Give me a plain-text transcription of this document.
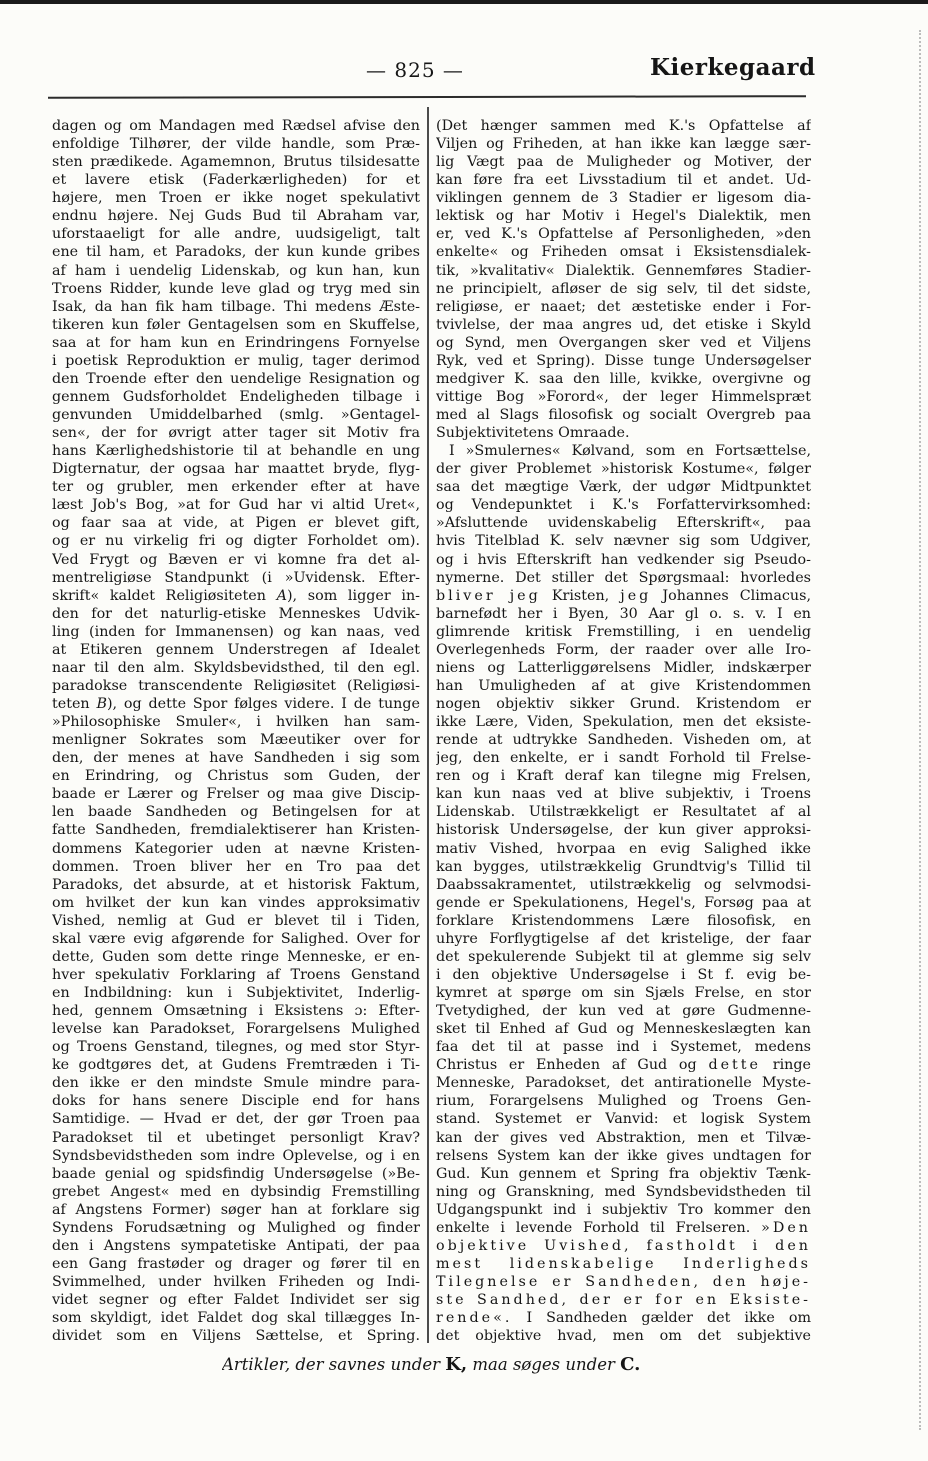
— 825 —	Kierkegaard
dagen og om Mandagen med Rædsel afvise den
enfoldige Tilhører, der vilde handle, som Præ-
sten prædikede. Agamemnon, Brutus tilsidesatte
et lavere etisk (Faderkærligheden) for et
højere, men Troen er ikke noget spekulativt
endnu højere. Nej Guds Bud til Abraham var,
uforstaaeligt for alle andre, uudsigeligt, talt
ene til ham, et Paradoks, der kun kunde gribes
af ham i uendelig Lidenskab, og kun han, kun
Troens Ridder, kunde leve glad og tryg med sin
Isak, da han fik ham tilbage. Thi medens Æste-
tikeren kun føler Gentagelsen som en Skuffelse,
saa at for ham kun en Erindringens Fornyelse
i poetisk Reproduktion er mulig, tager derimod
den Troende efter den uendelige Resignation og
gennem Gudsforholdet Endeligheden tilbage i
genvunden Umiddelbarhed (smlg. »Gentagel-
sen«, der for øvrigt atter tager sit Motiv fra
hans Kærlighedshistorie til at behandle en ung
Digternatur, der ogsaa har maattet bryde, flyg-
ter og grubler, men erkender efter at have
læst Job's Bog, »at for Gud har vi altid Uret«,
og faar saa at vide, at Pigen er blevet gift,
og er nu virkelig fri og digter Forholdet om).
Ved Frygt og Bæven er vi komne fra det al-
mentreligiøse Standpunkt (i »Uvidensk. Efter-
skrift« kaldet Religiøsiteten A), som ligger in-
den for det naturlig-etiske Menneskes Udvik-
ling (inden for Immanensen) og kan naas, ved
at Etikeren gennem Understregen af Idealet
naar til den alm. Skyldsbevidsthed, til den egl.
paradokse transcendente Religiøsitet (Religiøsi-
teten B), og dette Spor følges videre. I de tunge
»Philosophiske Smuler«, i hvilken han sam-
menligner Sokrates som Mæeutiker over for
den, der menes at have Sandheden i sig som
en Erindring, og Christus som Guden, der
baade er Lærer og Frelser og maa give Discip-
len baade Sandheden og Betingelsen for at
fatte Sandheden, fremdialektiserer han Kristen-
dommens Kategorier uden at nævne Kristen-
dommen. Troen bliver her en Tro paa det
Paradoks, det absurde, at et historisk Faktum,
om hvilket der kun kan vindes approksimativ
Vished, nemlig at Gud er blevet til i Tiden,
skal være evig afgørende for Salighed. Over for
dette, Guden som dette ringe Menneske, er en-
hver spekulativ Forklaring af Troens Genstand
en Indbildning: kun i Subjektivitet, Inderlig-
hed, gennem Omsætning i Eksistens ɔ: Efter-
levelse kan Paradokset, Forargelsens Mulighed
og Troens Genstand, tilegnes, og med stor Styr-
ke godtgøres det, at Gudens Fremtræden i Ti-
den ikke er den mindste Smule mindre para-
doks for hans senere Disciple end for hans
Samtidige. — Hvad er det, der gør Troen paa
Paradokset til et ubetinget personligt Krav?
Syndsbevidstheden som indre Oplevelse, og i en
baade genial og spidsfindig Undersøgelse (»Be-
grebet Angest« med en dybsindig Fremstilling
af Angstens Former) søger han at forklare sig
Syndens Forudsætning og Mulighed og finder
den i Angstens sympatetiske Antipati, der paa
een Gang frastøder og drager og fører til en
Svimmelhed, under hvilken Friheden og Indi-
videt segner og efter Faldet Individet ser sig
som skyldigt, idet Faldet dog skal tillægges In-
dividet som en Viljens Sættelse, et Spring.
(Det hænger sammen med K.'s Opfattelse af
Viljen og Friheden, at han ikke kan lægge sær-
lig Vægt paa de Muligheder og Motiver, der
kan føre fra eet Livsstadium til et andet. Ud-
viklingen gennem de 3 Stadier er ligesom dia-
lektisk og har Motiv i Hegel's Dialektik, men
er, ved K.'s Opfattelse af Personligheden, »den
enkelte« og Friheden omsat i Eksistensdialek-
tik, »kvalitativ« Dialektik. Gennemføres Stadier-
ne principielt, afløser de sig selv, til det sidste,
religiøse, er naaet; det æstetiske ender i For-
tvivlelse, der maa angres ud, det etiske i Skyld
og Synd, men Overgangen sker ved et Viljens
Ryk, ved et Spring). Disse tunge Undersøgelser
medgiver K. saa den lille, kvikke, overgivne og
vittige Bog »Forord«, der leger Himmelspræt
med al Slags filosofisk og socialt Overgreb paa
Subjektivitetens Omraade.
I »Smulernes« Kølvand, som en Fortsættelse,
der giver Problemet »historisk Kostume«, følger
saa det mægtige Værk, der udgør Midtpunktet
og Vendepunktet i K.'s Forfattervirksomhed:
»Afsluttende uvidenskabelig Efterskrift«, paa
hvis Titelblad K. selv nævner sig som Udgiver,
og i hvis Efterskrift han vedkender sig Pseudo-
nymerne. Det stiller det Spørgsmaal: hvorledes
bliver jeg Kristen, jeg Johannes Climacus,
barnefødt her i Byen, 30 Aar gl o. s. v. I en
glimrende kritisk Fremstilling, i en uendelig
Overlegenheds Form, der raader over alle Iro-
niens og Latterliggørelsens Midler, indskærper
han Umuligheden af at give Kristendommen
nogen objektiv sikker Grund. Kristendom er
ikke Lære, Viden, Spekulation, men det eksiste-
rende at udtrykke Sandheden. Visheden om, at
jeg, den enkelte, er i sandt Forhold til Frelse-
ren og i Kraft deraf kan tilegne mig Frelsen,
kan kun naas ved at blive subjektiv, i Troens
Lidenskab. Utilstrækkeligt er Resultatet af al
historisk Undersøgelse, der kun giver approksi-
mativ Vished, hvorpaa en evig Salighed ikke
kan bygges, utilstrækkelig Grundtvig's Tillid til
Daabssakramentet, utilstrækkelig og selvmodsi-
gende er Spekulationens, Hegel's, Forsøg paa at
forklare Kristendommens Lære filosofisk, en
uhyre Forflygtigelse af det kristelige, der faar
det spekulerende Subjekt til at glemme sig selv
i den objektive Undersøgelse i St f. evig be-
kymret at spørge om sin Sjæls Frelse, en stor
Tvetydighed, der kun ved at gøre Gudmenne-
sket til Enhed af Gud og Menneskeslægten kan
faa det til at passe ind i Systemet, medens
Christus er Enheden af Gud og dette ringe
Menneske, Paradokset, det antirationelle Myste-
rium, Forargelsens Mulighed og Troens Gen-
stand. Systemet er Vanvid: et logisk System
kan der gives ved Abstraktion, men et Tilvæ-
relsens System kan der ikke gives undtagen for
Gud. Kun gennem et Spring fra objektiv Tænk-
ning og Granskning, med Syndsbevidstheden til
Udgangspunkt ind i subjektiv Tro kommer den
enkelte i levende Forhold til Frelseren. »Den
objektive Uvished, fastholdt i den
mest lidenskabelige Inderligheds
Tilegnelse er Sandheden, den høje-
ste Sandhed, der er for en Eksiste-
rende«. I Sandheden gælder det ikke om
det objektive hvad, men om det subjektive
Artikler, der savnes under K, maa søges under C.
